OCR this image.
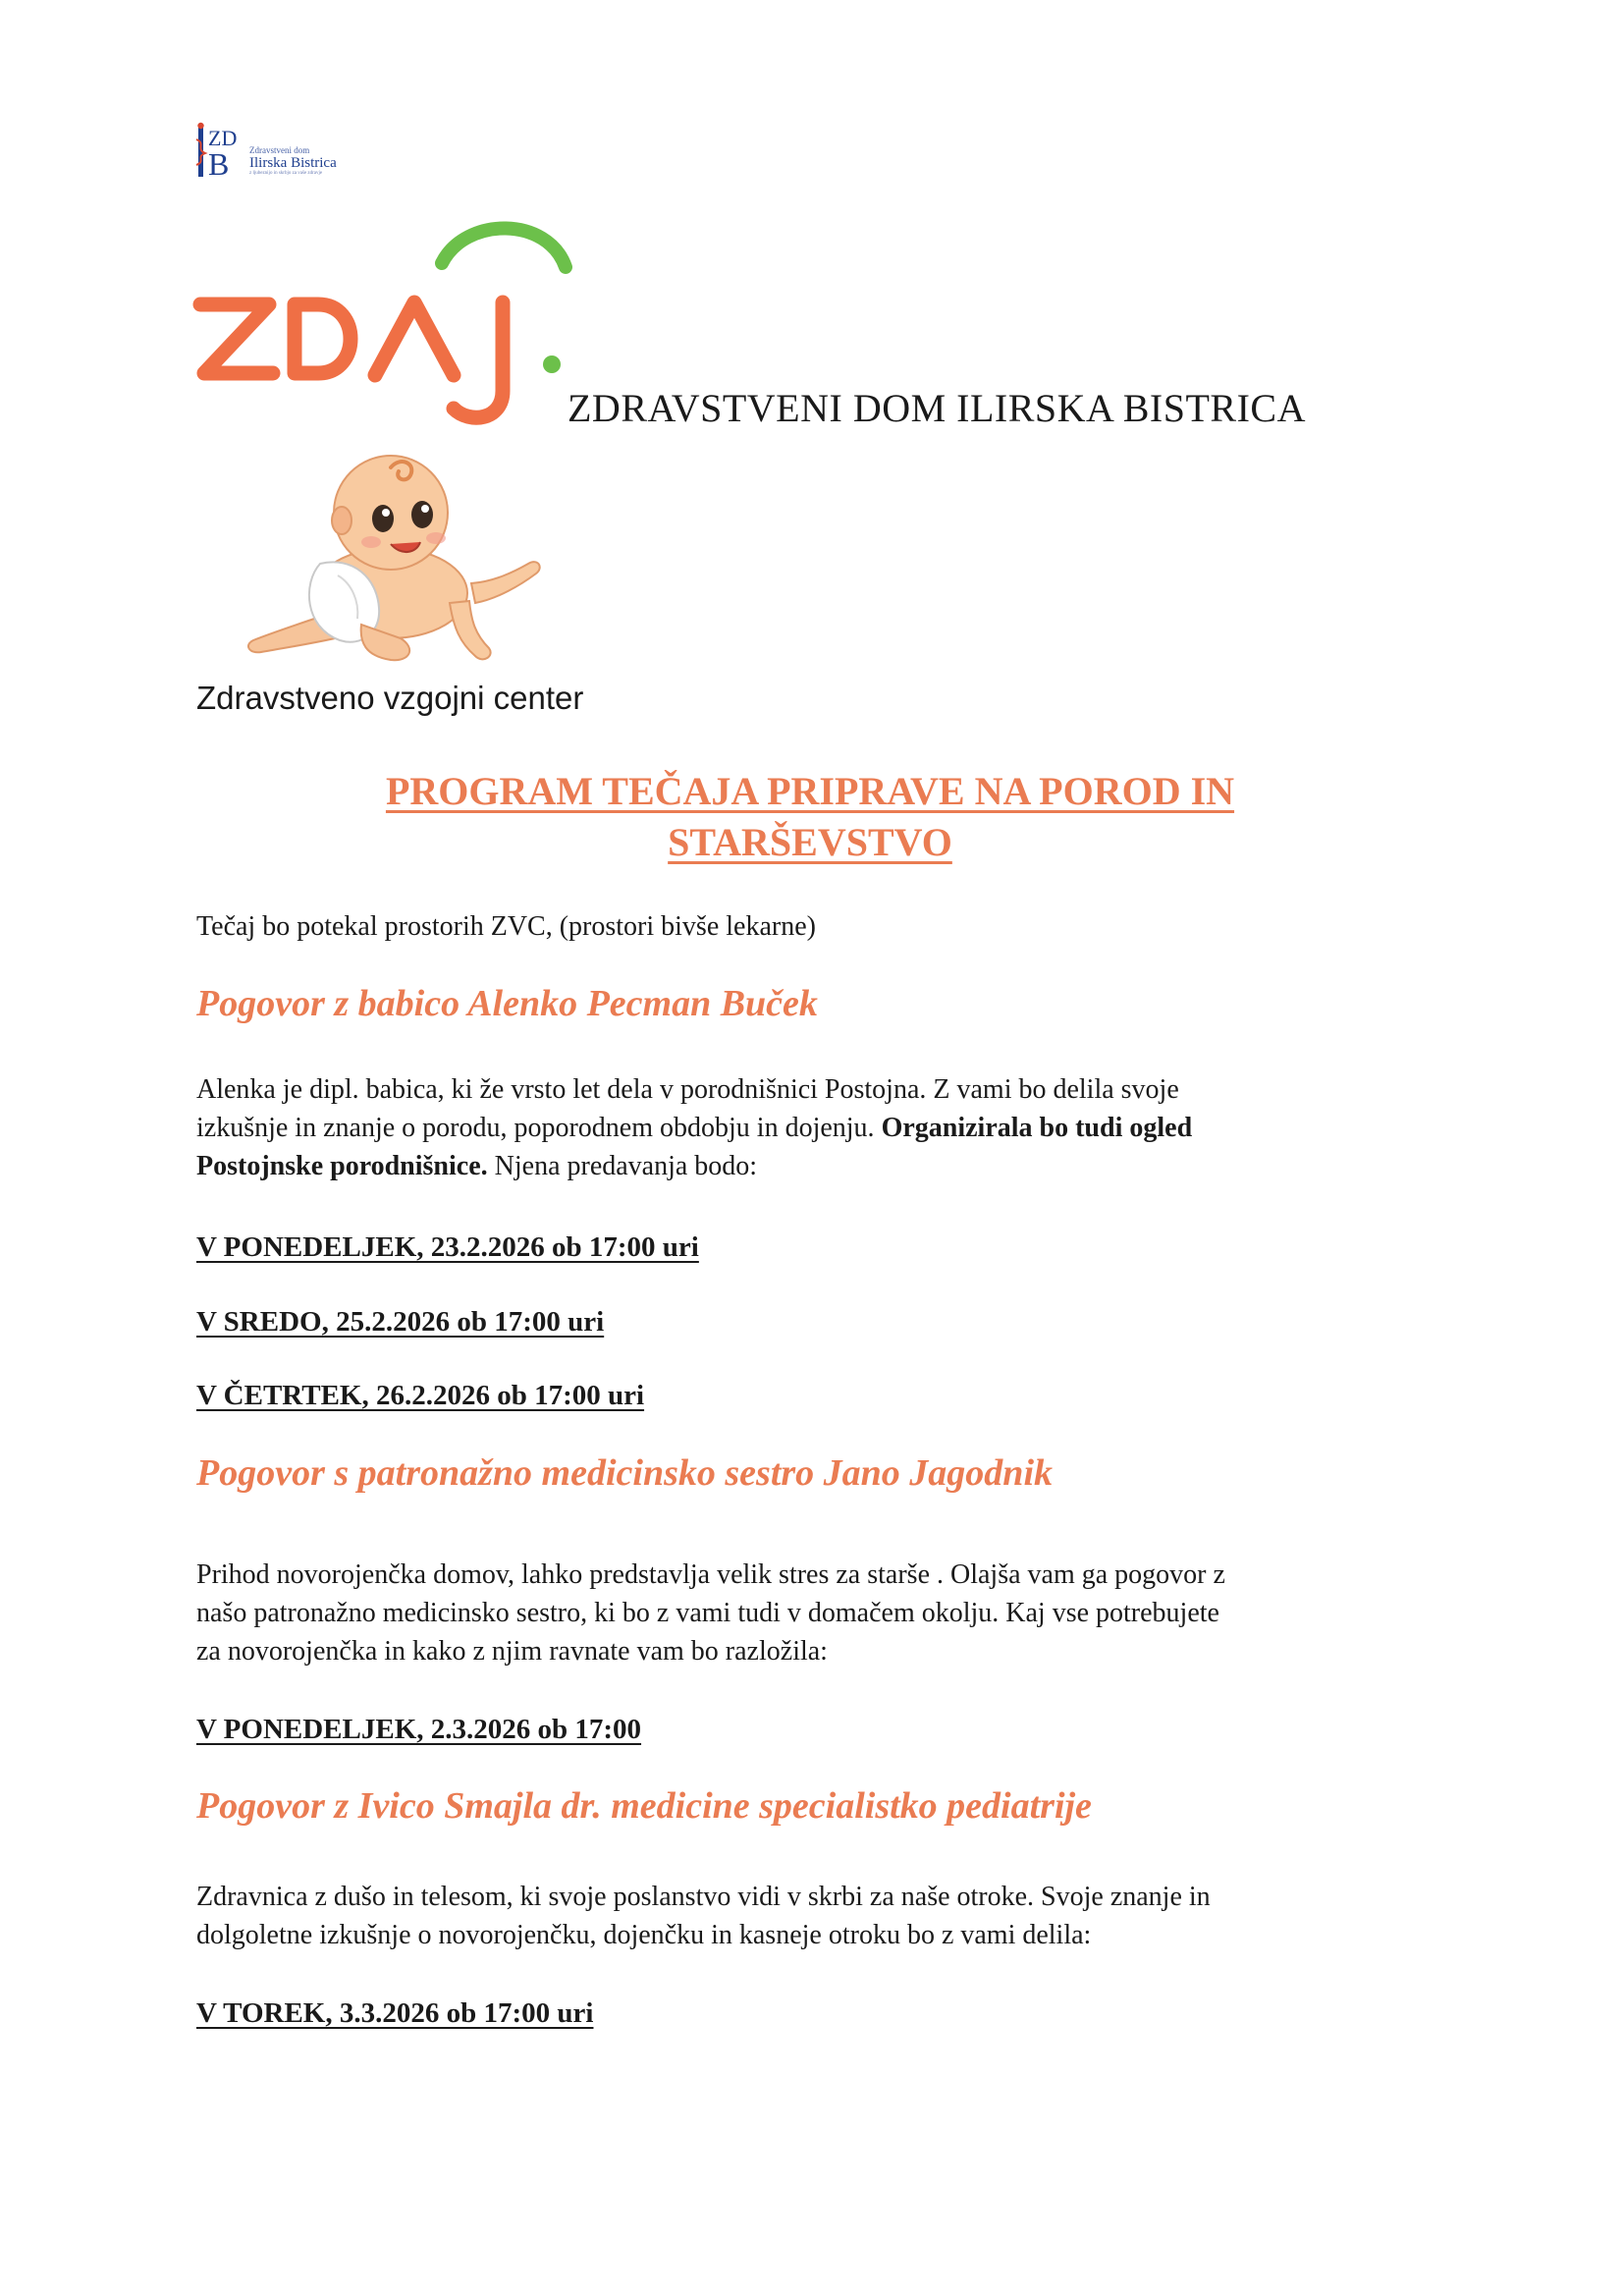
ZD
B Zdravstveni dom
Ilirska Bistrica
z ljubeznijo in skrbjo za vaše zdravje
ZDRAVSTVENI DOM ILIRSKA BISTRICA
Zdravstveno vzgojni center
PROGRAM TEČAJA PRIPRAVE NA POROD IN
STARŠEVSTVO
Tečaj bo potekal prostorih ZVC, (prostori bivše lekarne)
Pogovor z babico Alenko Pecman Buček
Alenka je dipl. babica, ki že vrsto let dela v porodnišnici Postojna. Z vami bo delila svoje
izkušnje in znanje o porodu, poporodnem obdobju in dojenju. Organizirala bo tudi ogled
Postojnske porodnišnice. Njena predavanja bodo:
V PONEDELJEK, 23.2.2026 ob 17:00 uri
V SREDO, 25.2.2026 ob 17:00 uri
V ČETRTEK, 26.2.2026 ob 17:00 uri
Pogovor s patronažno medicinsko sestro Jano Jagodnik
Prihod novorojenčka domov, lahko predstavlja velik stres za starše . Olajša vam ga pogovor z
našo patronažno medicinsko sestro, ki bo z vami tudi v domačem okolju. Kaj vse potrebujete
za novorojenčka in kako z njim ravnate vam bo razložila:
V PONEDELJEK, 2.3.2026 ob 17:00
Pogovor z Ivico Smajla dr. medicine specialistko pediatrije
Zdravnica z dušo in telesom, ki svoje poslanstvo vidi v skrbi za naše otroke. Svoje znanje in
dolgoletne izkušnje o novorojenčku, dojenčku in kasneje otroku bo z vami delila:
V TOREK, 3.3.2026 ob 17:00 uri
